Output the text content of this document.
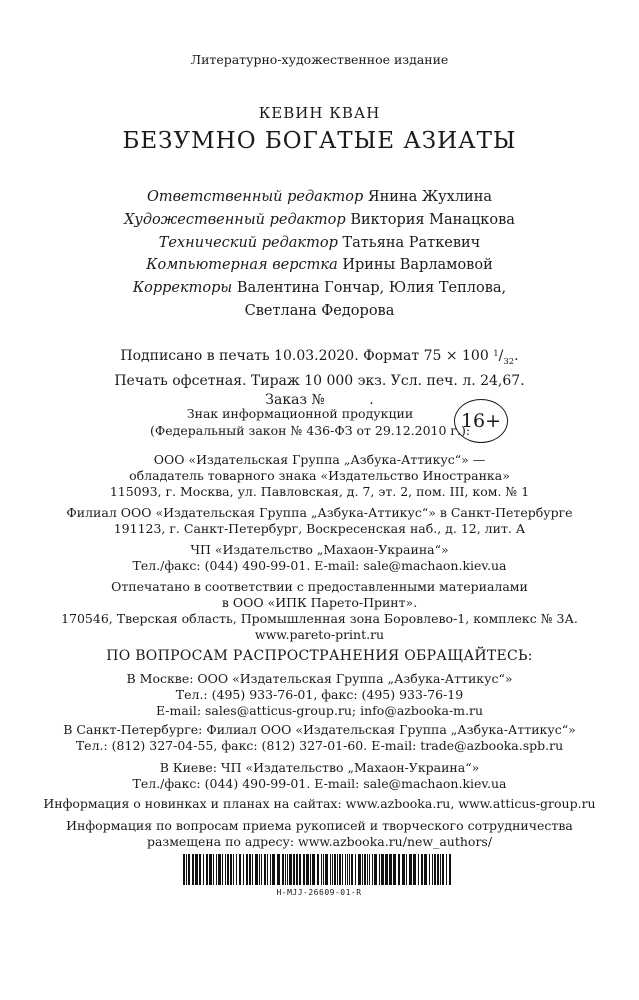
Литературно-художественное издание
КЕВИН КВАН
БЕЗУМНО БОГАТЫЕ АЗИАТЫ
Ответственный редактор Янина Жухлина
Художественный редактор Виктория Манацкова
Технический редактор Татьяна Раткевич
Компьютерная верстка Ирины Варламовой
Корректоры Валентина Гончар, Юлия Теплова,
Светлана Федорова
Подписано в печать 10.03.2020. Формат 75 × 100 $^1/_{32}$.
Печать офсетная. Тираж 10 000 экз. Усл. печ. л. 24,67.
Заказ №          .
Знак информационной продукции
(Федеральный закон № 436-ФЗ от 29.12.2010 г.):
16+
ООО «Издательская Группа „Азбука-Аттикус“» —
обладатель товарного знака «Издательство Иностранка»
115093, г. Москва, ул. Павловская, д. 7, эт. 2, пом. III, ком. № 1
Филиал ООО «Издательская Группа „Азбука-Аттикус“» в Санкт-Петербурге
191123, г. Санкт-Петербург, Воскресенская наб., д. 12, лит. А
ЧП «Издательство „Махаон-Украина“»
Тел./факс: (044) 490-99-01. E-mail: sale@machaon.kiev.ua
Отпечатано в соответствии с предоставленными материалами
в ООО «ИПК Парето-Принт».
170546, Тверская область, Промышленная зона Боровлево-1, комплекс № 3А.
www.pareto-print.ru
ПО ВОПРОСАМ РАСПРОСТРАНЕНИЯ ОБРАЩАЙТЕСЬ:
В Москве: ООО «Издательская Группа „Азбука-Аттикус“»
Тел.: (495) 933-76-01, факс: (495) 933-76-19
E-mail: sales@atticus-group.ru; info@azbooka-m.ru
В Санкт-Петербурге: Филиал ООО «Издательская Группа „Азбука-Аттикус“»
Тел.: (812) 327-04-55, факс: (812) 327-01-60. E-mail: trade@azbooka.spb.ru
В Киеве: ЧП «Издательство „Махаон-Украина“»
Тел./факс: (044) 490-99-01. E-mail: sale@machaon.kiev.ua
Информация о новинках и планах на сайтах: www.azbooka.ru, www.atticus-group.ru
Информация по вопросам приема рукописей и творческого сотрудничества
размещена по адресу: www.azbooka.ru/new_authors/
H-MJJ-26609-01-R
